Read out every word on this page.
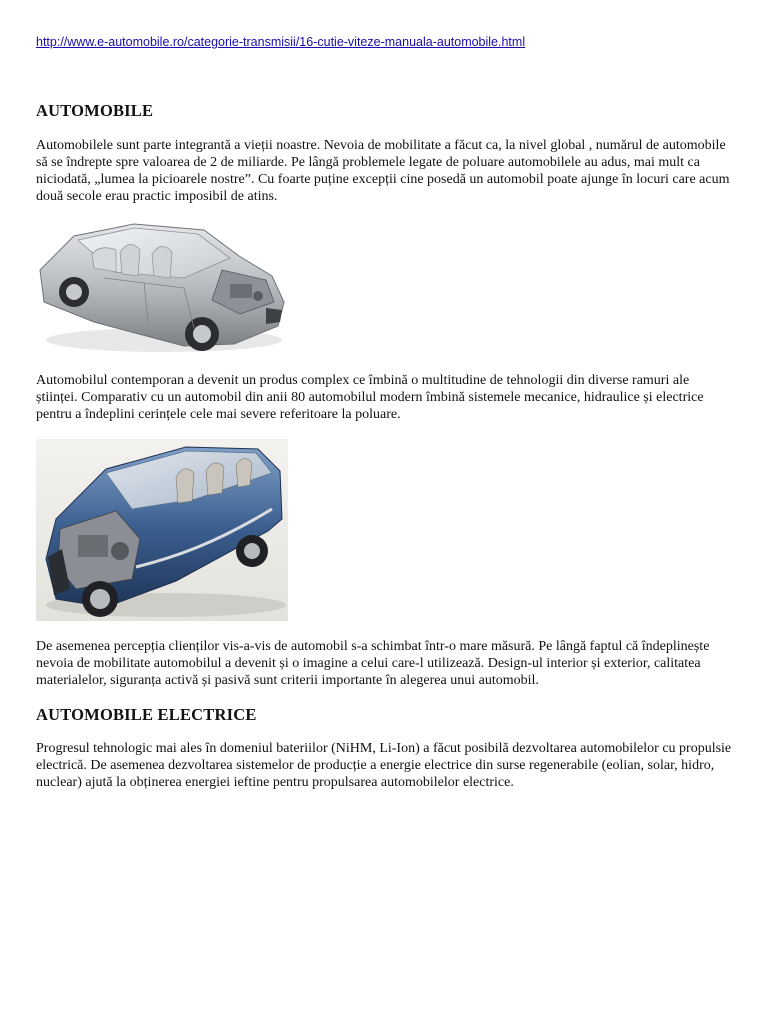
http://www.e-automobile.ro/categorie-transmisii/16-cutie-viteze-manuala-automobile.html
AUTOMOBILE

Automobilele sunt parte integrantă a vieții noastre. Nevoia de mobilitate a făcut ca, la nivel global , numărul de automobile să se îndrepte spre valoarea de 2 de miliarde. Pe lângă problemele legate de poluare automobilele au adus, mai mult ca niciodată, „lumea la picioarele nostre”. Cu foarte puține excepții cine posedă un automobil poate ajunge în locuri care acum două secole erau practic imposibil de atins.

Automobilul contemporan a devenit un produs complex ce îmbină o multitudine de tehnologii din diverse ramuri ale științei. Comparativ cu un automobil din anii 80 automobilul modern îmbină sistemele mecanice, hidraulice și electrice pentru a îndeplini cerințele cele mai severe referitoare la poluare.

De asemenea percepția clienților vis-a-vis de automobil s-a schimbat într-o mare măsură. Pe lângă faptul că îndeplinește nevoia de mobilitate automobilul a devenit și o imagine a celui care-l utilizează. Design-ul interior și exterior, calitatea materialelor, siguranța activă și pasivă sunt criterii importante în alegerea unui automobil.

AUTOMOBILE ELECTRICE

Progresul tehnologic mai ales în domeniul bateriilor (NiHM, Li-Ion) a făcut posibilă dezvoltarea automobilelor cu propulsie electrică. De asemenea dezvoltarea sistemelor de producție a energie electrice din surse regenerabile (eolian, solar, hidro, nuclear) ajută la obținerea energiei ieftine pentru propulsarea automobilelor electrice.
